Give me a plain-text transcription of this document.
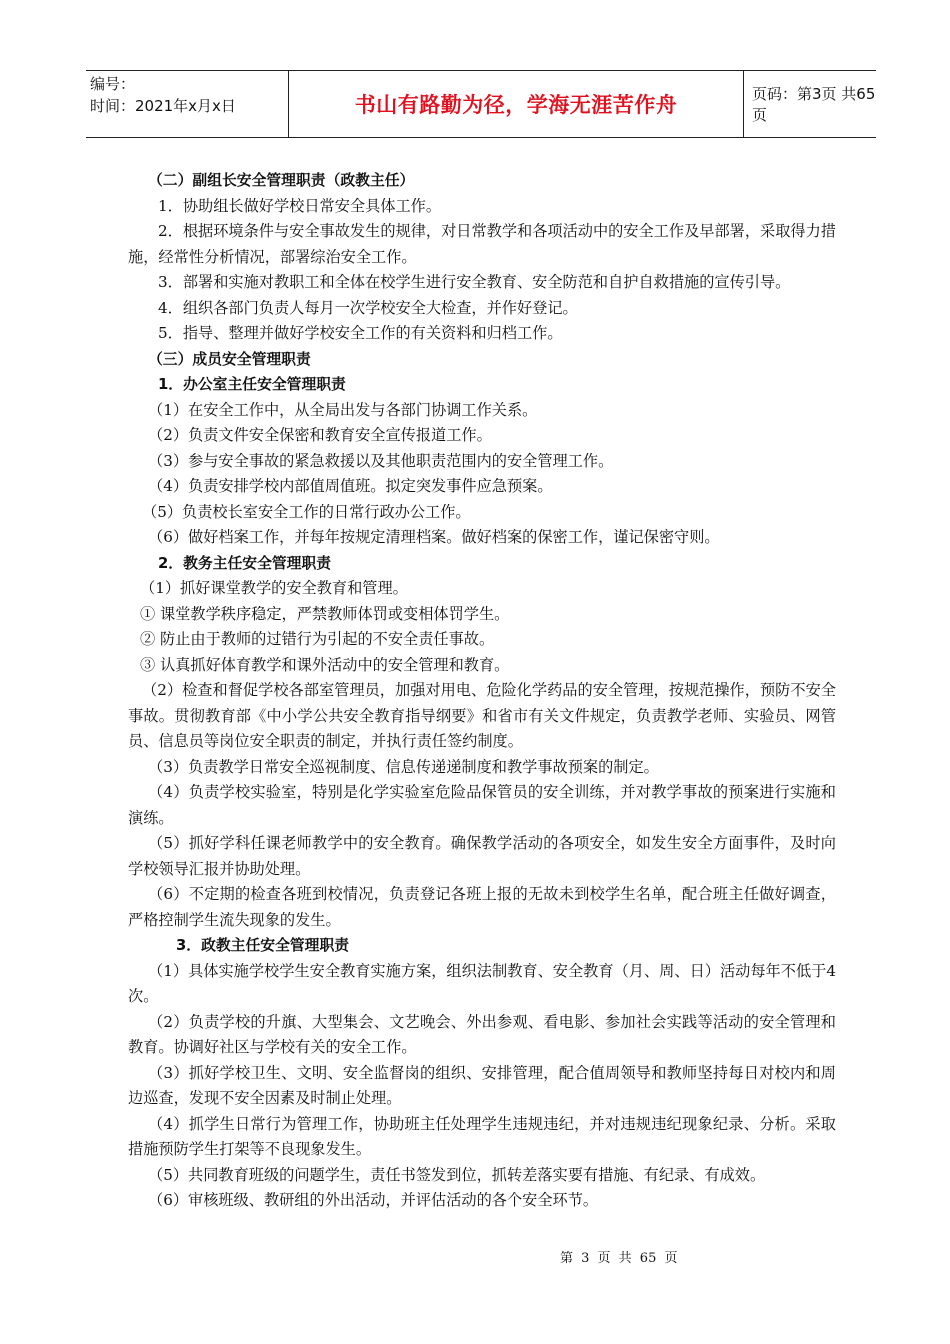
编号：
时间：2021年x月x日	书山有路勤为径，学海无涯苦作舟	页码：第3页 共65页

（二）副组长安全管理职责（政教主任）

1．协助组长做好学校日常安全具体工作。

2．根据环境条件与安全事故发生的规律，对日常教学和各项活动中的安全工作及早部署，采取得力措施，经常性分析情况，部署综治安全工作。

3．部署和实施对教职工和全体在校学生进行安全教育、安全防范和自护自救措施的宣传引导。

4．组织各部门负责人每月一次学校安全大检查，并作好登记。

5．指导、整理并做好学校安全工作的有关资料和归档工作。

（三）成员安全管理职责

1．办公室主任安全管理职责

（1）在安全工作中，从全局出发与各部门协调工作关系。

（2）负责文件安全保密和教育安全宣传报道工作。

（3）参与安全事故的紧急救援以及其他职责范围内的安全管理工作。

（4）负责安排学校内部值周值班。拟定突发事件应急预案。

（5）负责校长室安全工作的日常行政办公工作。

（6）做好档案工作，并每年按规定清理档案。做好档案的保密工作，谨记保密守则。

2．教务主任安全管理职责

（1）抓好课堂教学的安全教育和管理。

① 课堂教学秩序稳定，严禁教师体罚或变相体罚学生。

② 防止由于教师的过错行为引起的不安全责任事故。

③ 认真抓好体育教学和课外活动中的安全管理和教育。

（2）检查和督促学校各部室管理员，加强对用电、危险化学药品的安全管理，按规范操作，预防不安全事故。贯彻教育部《中小学公共安全教育指导纲要》和省市有关文件规定，负责教学老师、实验员、网管员、信息员等岗位安全职责的制定，并执行责任签约制度。

（3）负责教学日常安全巡视制度、信息传递递制度和教学事故预案的制定。

（4）负责学校实验室，特别是化学实验室危险品保管员的安全训练，并对教学事故的预案进行实施和演练。

（5）抓好学科任课老师教学中的安全教育。确保教学活动的各项安全，如发生安全方面事件，及时向学校领导汇报并协助处理。

（6）不定期的检查各班到校情况，负责登记各班上报的无故未到校学生名单，配合班主任做好调查，严格控制学生流失现象的发生。

3．政教主任安全管理职责

（1）具体实施学校学生安全教育实施方案，组织法制教育、安全教育（月、周、日）活动每年不低于4次。

（2）负责学校的升旗、大型集会、文艺晚会、外出参观、看电影、参加社会实践等活动的安全管理和教育。协调好社区与学校有关的安全工作。

（3）抓好学校卫生、文明、安全监督岗的组织、安排管理，配合值周领导和教师坚持每日对校内和周边巡查，发现不安全因素及时制止处理。

（4）抓学生日常行为管理工作，协助班主任处理学生违规违纪，并对违规违纪现象纪录、分析。采取措施预防学生打架等不良现象发生。

（5）共同教育班级的问题学生，责任书签发到位，抓转差落实要有措施、有纪录、有成效。

（6）审核班级、教研组的外出活动，并评估活动的各个安全环节。

第 3 页 共 65 页
